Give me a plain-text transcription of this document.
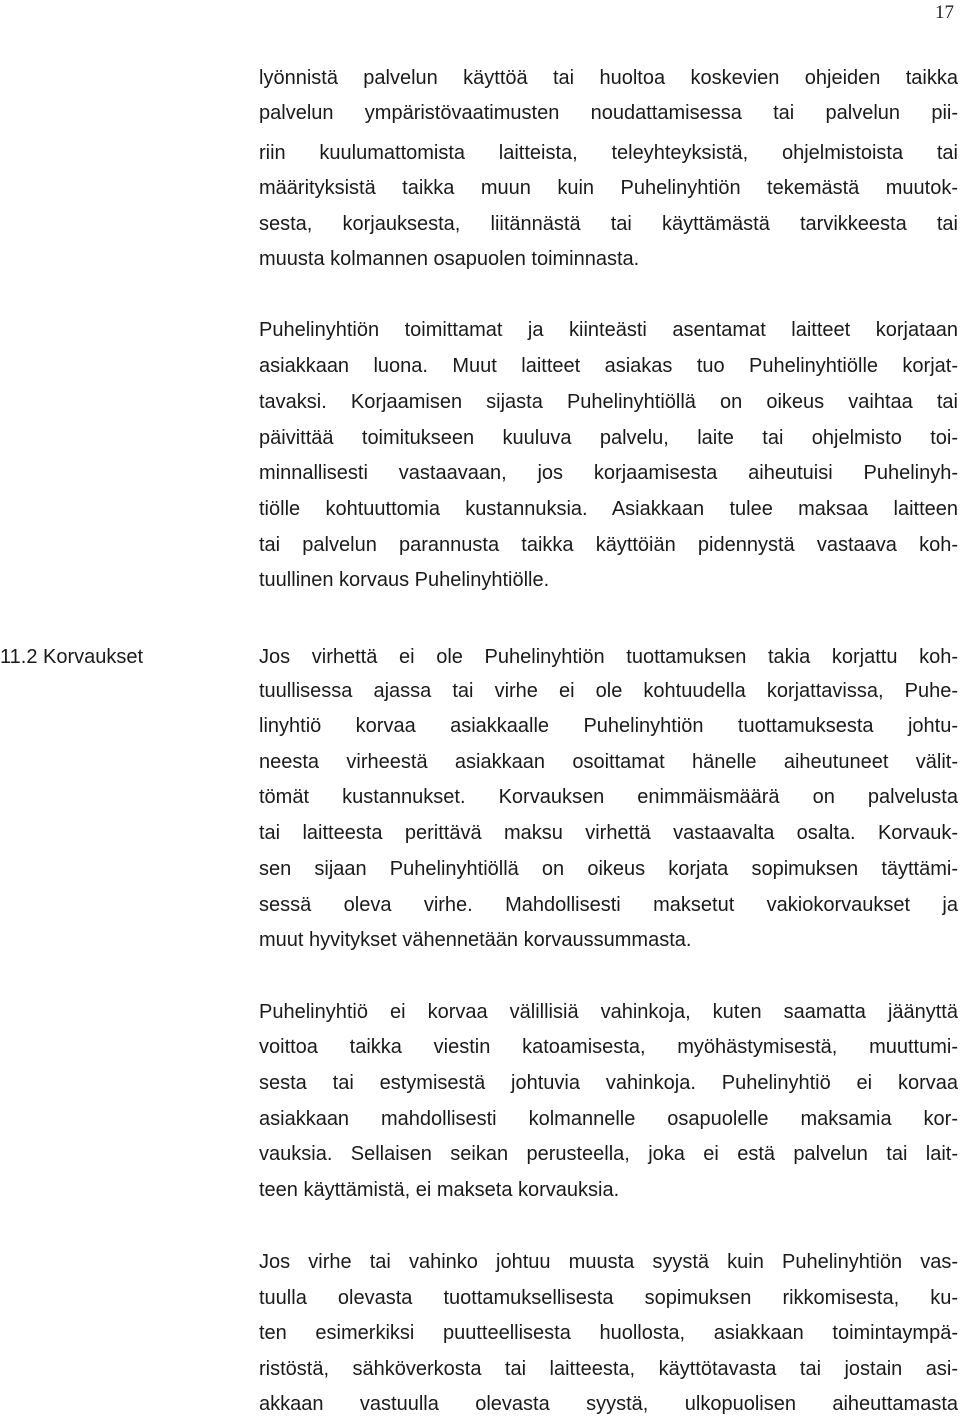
17
lyönnistä palvelun käyttöä tai huoltoa koskevien ohjeiden taikka
palvelun ympäristövaatimusten noudattamisessa tai palvelun pii-
riin kuulumattomista laitteista, teleyhteyksistä, ohjelmistoista tai
määrityksistä taikka muun kuin Puhelinyhtiön tekemästä muutok-
sesta, korjauksesta, liitännästä tai käyttämästä tarvikkeesta tai
muusta kolmannen osapuolen toiminnasta.
Puhelinyhtiön toimittamat ja kiinteästi asentamat laitteet korjataan
asiakkaan luona. Muut laitteet asiakas tuo Puhelinyhtiölle korjat-
tavaksi. Korjaamisen sijasta Puhelinyhtiöllä on oikeus vaihtaa tai
päivittää toimitukseen kuuluva palvelu, laite tai ohjelmisto toi-
minnallisesti vastaavaan, jos korjaamisesta aiheutuisi Puhelinyh-
tiölle kohtuuttomia kustannuksia. Asiakkaan tulee maksaa laitteen
tai palvelun parannusta taikka käyttöiän pidennystä vastaava koh-
tuullinen korvaus Puhelinyhtiölle.
11.2 Korvaukset	Jos virhettä ei ole Puhelinyhtiön tuottamuksen takia korjattu koh-
tuullisessa ajassa tai virhe ei ole kohtuudella korjattavissa, Puhe-
linyhtiö korvaa asiakkaalle Puhelinyhtiön tuottamuksesta johtu-
neesta virheestä asiakkaan osoittamat hänelle aiheutuneet välit-
tömät kustannukset. Korvauksen enimmäismäärä on palvelusta
tai laitteesta perittävä maksu virhettä vastaavalta osalta. Korvauk-
sen sijaan Puhelinyhtiöllä on oikeus korjata sopimuksen täyttämi-
sessä oleva virhe. Mahdollisesti maksetut vakiokorvaukset ja
muut hyvitykset vähennetään korvaussummasta.
Puhelinyhtiö ei korvaa välillisiä vahinkoja, kuten saamatta jäänyttä
voittoa taikka viestin katoamisesta, myöhästymisestä, muuttumi-
sesta tai estymisestä johtuvia vahinkoja. Puhelinyhtiö ei korvaa
asiakkaan mahdollisesti kolmannelle osapuolelle maksamia kor-
vauksia. Sellaisen seikan perusteella, joka ei estä palvelun tai lait-
teen käyttämistä, ei makseta korvauksia.
Jos virhe tai vahinko johtuu muusta syystä kuin Puhelinyhtiön vas-
tuulla olevasta tuottamuksellisesta sopimuksen rikkomisesta, ku-
ten esimerkiksi puutteellisesta huollosta, asiakkaan toimintaympä-
ristöstä, sähköverkosta tai laitteesta, käyttötavasta tai jostain asi-
akkaan vastuulla olevasta syystä, ulkopuolisen aiheuttamasta
